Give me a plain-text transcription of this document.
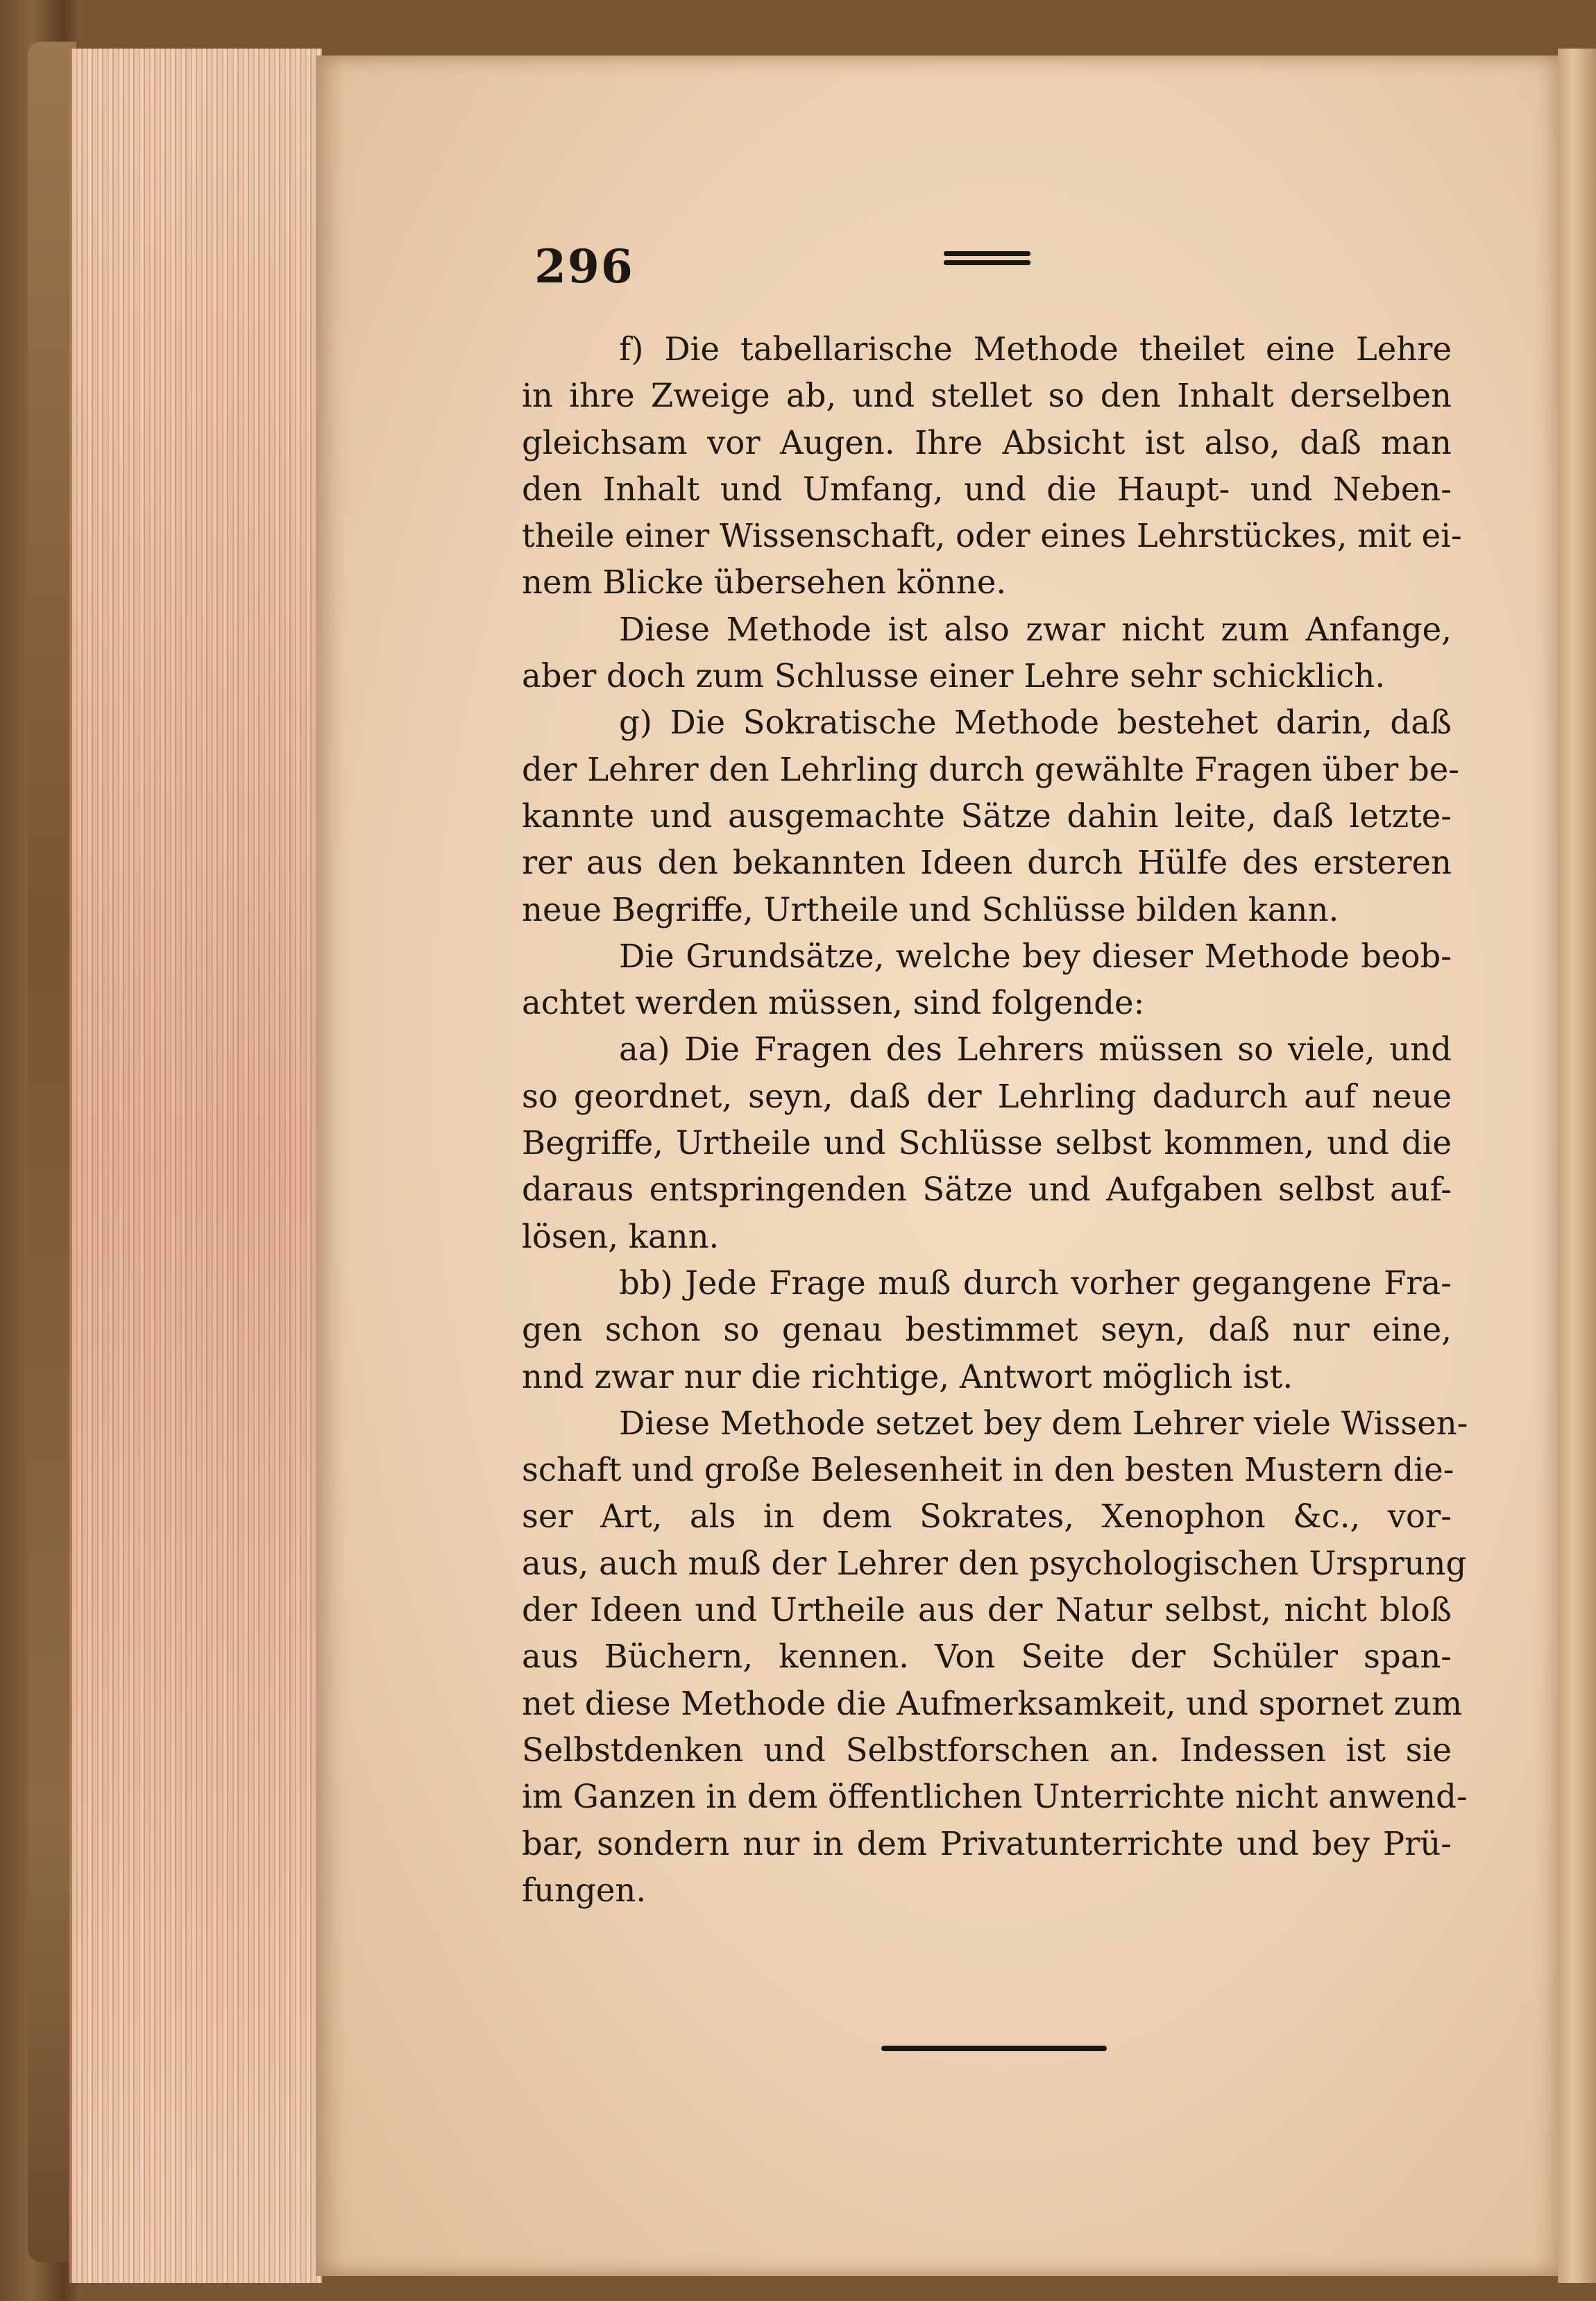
296
f) Die tabellarische Methode theilet eine Lehre
in ihre Zweige ab, und stellet so den Inhalt derselben
gleichsam vor Augen. Ihre Absicht ist also, daß man
den Inhalt und Umfang, und die Haupt- und Neben-
theile einer Wissenschaft, oder eines Lehrstückes, mit ei-
nem Blicke übersehen könne.
Diese Methode ist also zwar nicht zum Anfange,
aber doch zum Schlusse einer Lehre sehr schicklich.
g) Die Sokratische Methode bestehet darin, daß
der Lehrer den Lehrling durch gewählte Fragen über be-
kannte und ausgemachte Sätze dahin leite, daß letzte-
rer aus den bekannten Ideen durch Hülfe des ersteren
neue Begriffe, Urtheile und Schlüsse bilden kann.
Die Grundsätze, welche bey dieser Methode beob-
achtet werden müssen, sind folgende:
aa) Die Fragen des Lehrers müssen so viele, und
so geordnet, seyn, daß der Lehrling dadurch auf neue
Begriffe, Urtheile und Schlüsse selbst kommen, und die
daraus entspringenden Sätze und Aufgaben selbst auf-
lösen, kann.
bb) Jede Frage muß durch vorher gegangene Fra-
gen schon so genau bestimmet seyn, daß nur eine,
nnd zwar nur die richtige, Antwort möglich ist.
Diese Methode setzet bey dem Lehrer viele Wissen-
schaft und große Belesenheit in den besten Mustern die-
ser Art, als in dem Sokrates, Xenophon &c., vor-
aus, auch muß der Lehrer den psychologischen Ursprung
der Ideen und Urtheile aus der Natur selbst, nicht bloß
aus Büchern, kennen. Von Seite der Schüler span-
net diese Methode die Aufmerksamkeit, und spornet zum
Selbstdenken und Selbstforschen an. Indessen ist sie
im Ganzen in dem öffentlichen Unterrichte nicht anwend-
bar, sondern nur in dem Privatunterrichte und bey Prü-
fungen.
